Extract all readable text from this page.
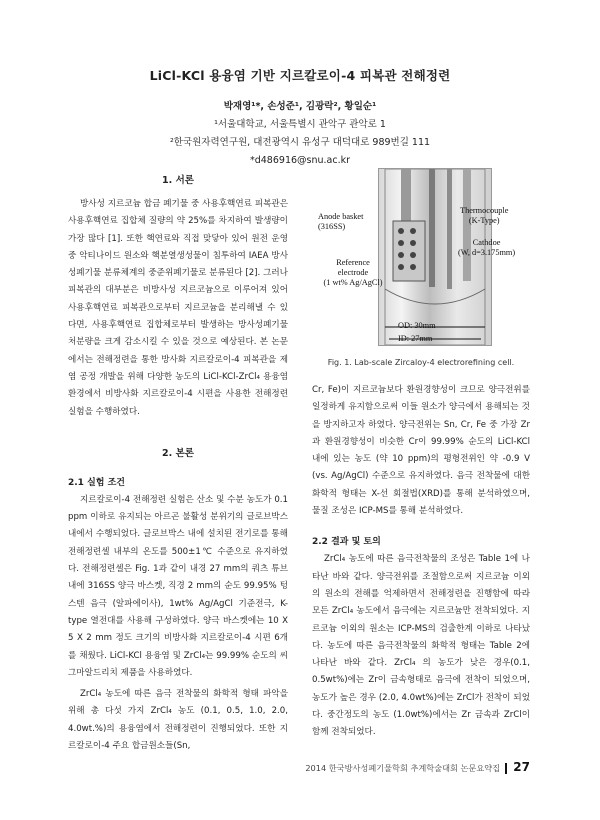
LiCl-KCl 용융염 기반 지르칼로이-4 피복관 전해정련
박재영¹*, 손성준¹, 김광락², 황일순¹
¹서울대학교, 서울특별시 관악구 관악로 1
²한국원자력연구원, 대전광역시 유성구 대덕대로 989번길 111
*d486916@snu.ac.kr
1. 서론

방사성 지르코늄 합금 폐기물 중 사용후핵연료 피복관은 사용후핵연료 집합체 질량의 약 25%를 차지하여 발생량이 가장 많다 [1]. 또한 핵연료와 직접 맞닿아 있어 원전 운영 중 악티나이드 원소와 핵분열생성물이 침투하여 IAEA 방사성폐기물 분류체계의 중준위폐기물로 분류된다 [2]. 그러나 피복관의 대부분은 비방사성 지르코늄으로 이루어져 있어 사용후핵연료 피복관으로부터 지르코늄을 분리해낼 수 있다면, 사용후핵연료 집합체로부터 발생하는 방사성폐기물 처분량을 크게 감소시킬 수 있을 것으로 예상된다. 본 논문에서는 전해정련을 통한 방사화 지르칼로이-4 피복관을 제염 공정 개발을 위해 다양한 농도의 LiCl-KCl-ZrCl₄ 용융염 환경에서 비방사화 지르칼로이-4 시편을 사용한 전해정련 실험을 수행하였다.

2. 본론
2.1 실험 조건

지르칼로이-4 전해정련 실험은 산소 및 수분 농도가 0.1 ppm 이하로 유지되는 아르곤 불활성 분위기의 글로브박스 내에서 수행되었다. 글로브박스 내에 설치된 전기로를 통해 전해정련셀 내부의 온도를 500±1℃ 수준으로 유지하였다. 전해정련셀은 Fig. 1과 같이 내경 27 mm의 쿼츠 튜브 내에 316SS 양극 바스켓, 직경 2 mm의 순도 99.95% 텅스텐 음극 (알파에이사), 1wt% Ag/AgCl 기준전극, K-type 열전대를 사용해 구성하였다. 양극 바스켓에는 10 X 5 X 2 mm 정도 크기의 비방사화 지르칼로이-4 시편 6개를 채웠다. LiCl-KCl 용융염 및 ZrCl₄는 99.99% 순도의 씨그마알드리치 제품을 사용하였다.

ZrCl₄ 농도에 따른 음극 전착물의 화학적 형태 파악을 위해 총 다섯 가지 ZrCl₄ 농도 (0.1, 0.5, 1.0, 2.0, 4.0wt.%)의 용융염에서 전해정련이 진행되었다. 또한 지르칼로이-4 주요 합금원소들(Sn,

Anode basket
(316SS)
Reference
electrode
(1 wt% Ag/AgCl)
Thermocouple
(K-Type)
Cathdoe
(W, d=3.175mm)
OD: 30mm
ID: 27mm
Fig. 1. Lab-scale Zircaloy-4 electrorefining cell.

Cr, Fe)이 지르코늄보다 환원경향성이 크므로 양극전위를 일정하게 유지함으로써 이들 원소가 양극에서 용해되는 것을 방지하고자 하였다. 양극전위는 Sn, Cr, Fe 중 가장 Zr과 환원경향성이 비슷한 Cr이 99.99% 순도의 LiCl-KCl 내에 있는 농도 (약 10 ppm)의 평형전위인 약 -0.9 V (vs. Ag/AgCl) 수준으로 유지하였다. 음극 전착물에 대한 화학적 형태는 X-선 회절법(XRD)를 통해 분석하였으며, 물질 조성은 ICP-MS를 통해 분석하였다.

2.2 결과 및 토의

ZrCl₄ 농도에 따른 음극전착물의 조성은 Table 1에 나타난 바와 같다. 양극전위를 조절함으로써 지르코늄 이외의 원소의 전해를 억제하면서 전해정련을 진행함에 따라 모든 ZrCl₄ 농도에서 음극에는 지르코늄만 전착되었다. 지르코늄 이외의 원소는 ICP-MS의 검출한계 이하로 나타났다. 농도에 따른 음극전착물의 화학적 형태는 Table 2에 나타난 바와 같다. ZrCl₄ 의 농도가 낮은 경우(0.1, 0.5wt%)에는 Zr이 금속형태로 음극에 전착이 되었으며, 농도가 높은 경우 (2.0, 4.0wt%)에는 ZrCl가 전착이 되었다. 중간정도의 농도 (1.0wt%)에서는 Zr 금속과 ZrCl이 함께 전착되었다.

2014 한국방사성폐기물학회 추계학술대회 논문요약집 27
